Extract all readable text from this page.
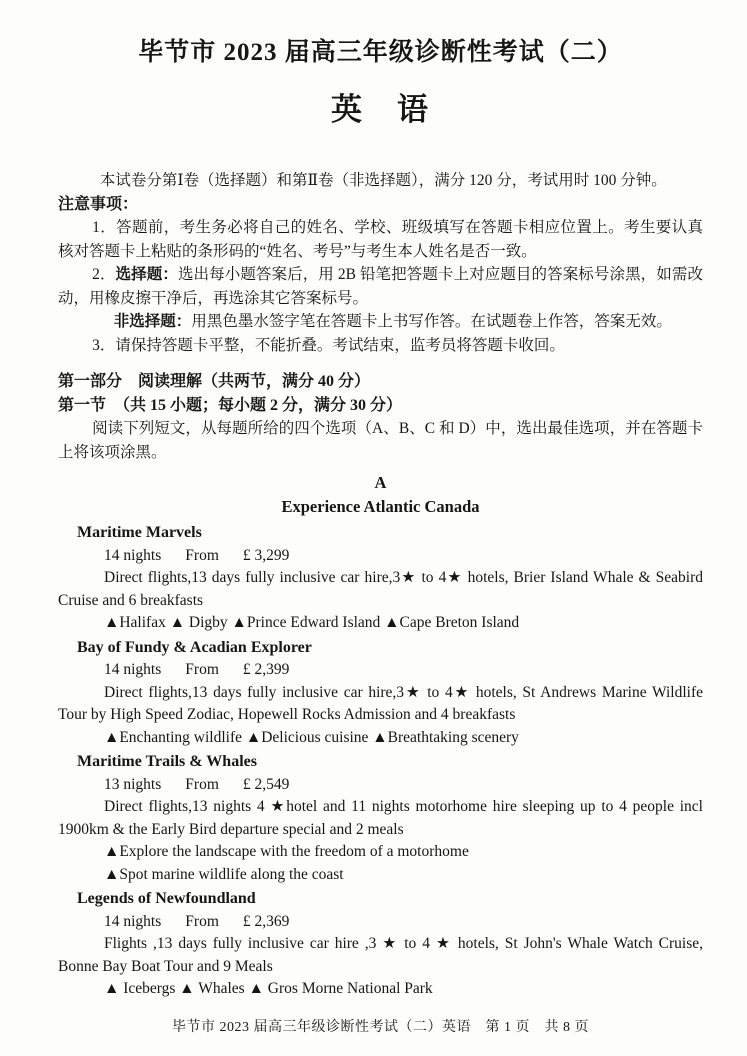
毕节市 2023 届高三年级诊断性考试（二）
英　语

本试卷分第Ⅰ卷（选择题）和第Ⅱ卷（非选择题），满分 120 分，考试用时 100 分钟。

注意事项：

1．答题前，考生务必将自己的姓名、学校、班级填写在答题卡相应位置上。考生要认真核对答题卡上粘贴的条形码的“姓名、考号”与考生本人姓名是否一致。

2．选择题：选出每小题答案后，用 2B 铅笔把答题卡上对应题目的答案标号涂黑，如需改动，用橡皮擦干净后，再选涂其它答案标号。

非选择题：用黑色墨水签字笔在答题卡上书写作答。在试题卷上作答，答案无效。

3．请保持答题卡平整，不能折叠。考试结束，监考员将答题卡收回。

第一部分　阅读理解（共两节，满分 40 分）

第一节　（共 15 小题；每小题 2 分，满分 30 分）

阅读下列短文，从每题所给的四个选项（A、B、C 和 D）中，选出最佳选项，并在答题卡上将该项涂黑。

A

Experience Atlantic Canada

Maritime Marvels

14 nights From £ 3,299

Direct flights,13 days fully inclusive car hire,3★ to 4★ hotels, Brier Island Whale & Seabird Cruise and 6 breakfasts

▲Halifax ▲ Digby ▲Prince Edward Island ▲Cape Breton Island

Bay of Fundy & Acadian Explorer

14 nights From £ 2,399

Direct flights,13 days fully inclusive car hire,3★ to 4★ hotels, St Andrews Marine Wildlife Tour by High Speed Zodiac, Hopewell Rocks Admission and 4 breakfasts

▲Enchanting wildlife ▲Delicious cuisine ▲Breathtaking scenery

Maritime Trails & Whales

13 nights From £ 2,549

Direct flights,13 nights 4 ★hotel and 11 nights motorhome hire sleeping up to 4 people incl 1900km & the Early Bird departure special and 2 meals

▲Explore the landscape with the freedom of a motorhome

▲Spot marine wildlife along the coast

Legends of Newfoundland

14 nights From £ 2,369

Flights ,13 days fully inclusive car hire ,3 ★ to 4 ★ hotels, St John's Whale Watch Cruise, Bonne Bay Boat Tour and 9 Meals

▲ Icebergs ▲ Whales ▲ Gros Morne National Park

毕节市 2023 届高三年级诊断性考试（二）英语　第 1 页　共 8 页
